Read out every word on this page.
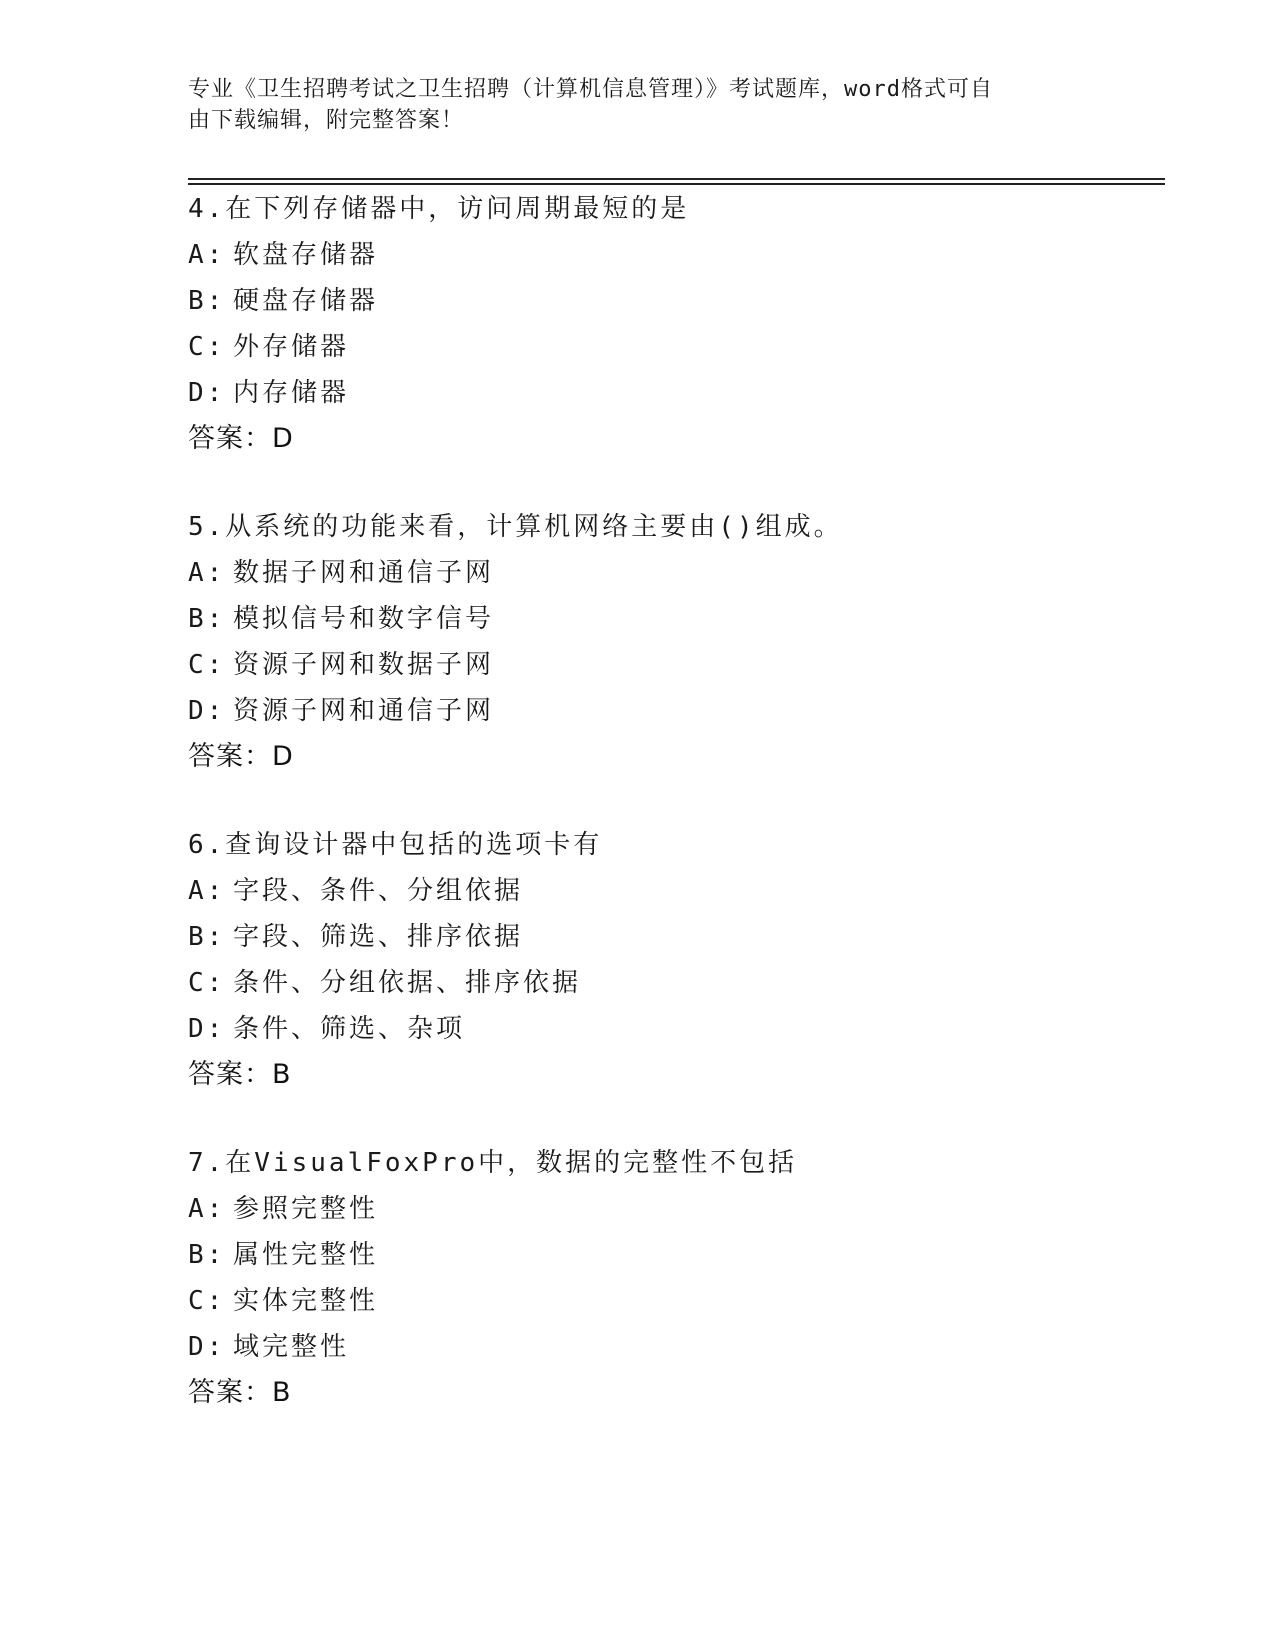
专业《卫生招聘考试之卫生招聘（计算机信息管理）》考试题库，word格式可自
由下载编辑，附完整答案！
4.在下列存储器中，访问周期最短的是
A: 软盘存储器
B: 硬盘存储器
C: 外存储器
D: 内存储器
答案：D
5.从系统的功能来看，计算机网络主要由()组成。
A: 数据子网和通信子网
B: 模拟信号和数字信号
C: 资源子网和数据子网
D: 资源子网和通信子网
答案：D
6.查询设计器中包括的选项卡有
A: 字段、条件、分组依据
B: 字段、筛选、排序依据
C: 条件、分组依据、排序依据
D: 条件、筛选、杂项
答案：B
7.在VisualFoxPro中，数据的完整性不包括
A: 参照完整性
B: 属性完整性
C: 实体完整性
D: 域完整性
答案：B
